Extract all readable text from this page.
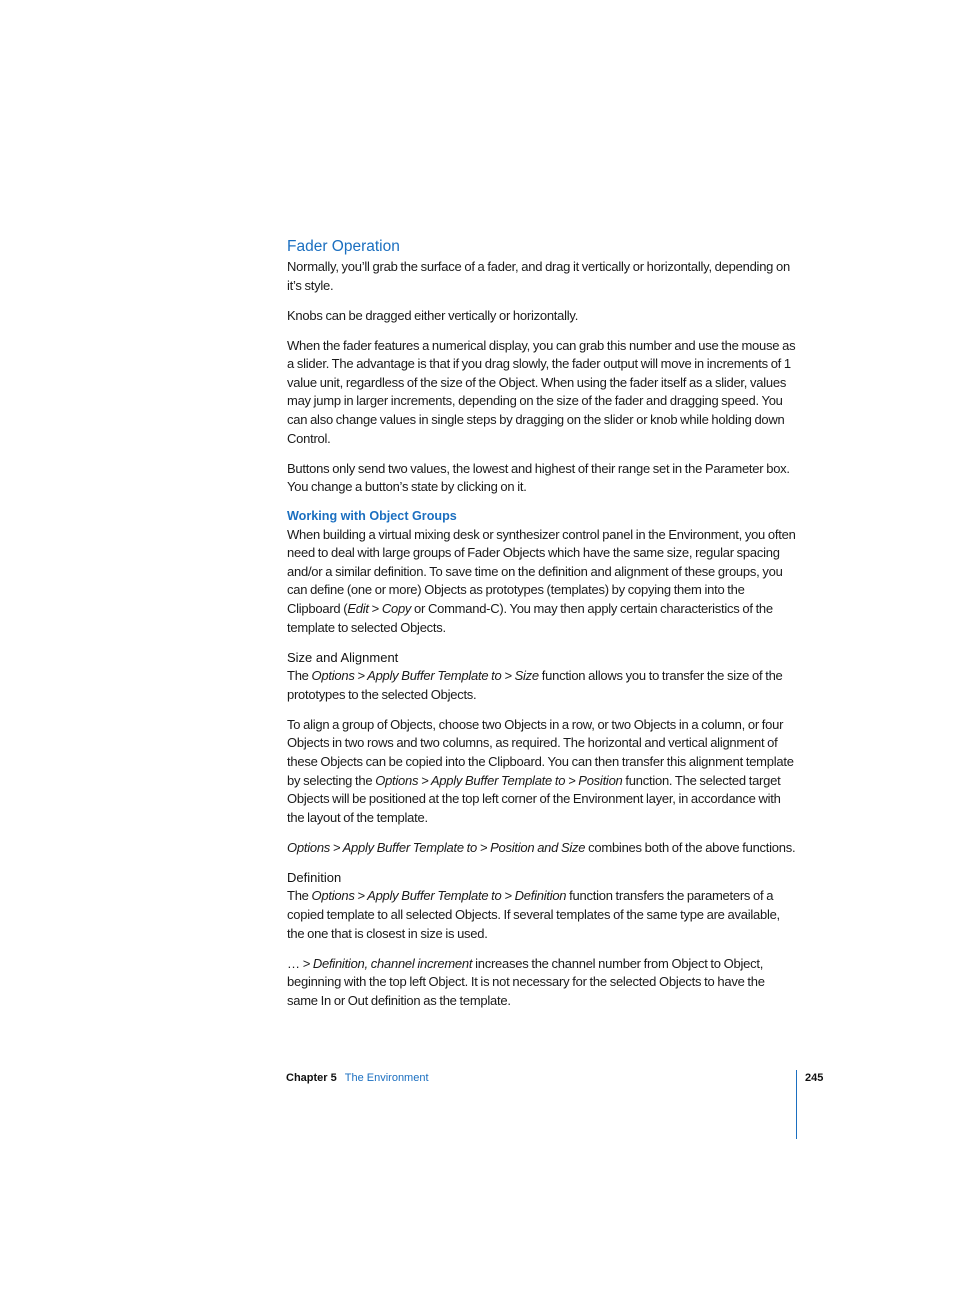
Fader Operation

Normally, you’ll grab the surface of a fader, and drag it vertically or horizontally, depending on it’s style.

Knobs can be dragged either vertically or horizontally.

When the fader features a numerical display, you can grab this number and use the mouse as a slider. The advantage is that if you drag slowly, the fader output will move in increments of 1 value unit, regardless of the size of the Object. When using the fader itself as a slider, values may jump in larger increments, depending on the size of the fader and dragging speed. You can also change values in single steps by dragging on the slider or knob while holding down Control.

Buttons only send two values, the lowest and highest of their range set in the Parameter box. You change a button’s state by clicking on it.

Working with Object Groups

When building a virtual mixing desk or synthesizer control panel in the Environment, you often need to deal with large groups of Fader Objects which have the same size, regular spacing and/or a similar definition. To save time on the definition and alignment of these groups, you can define (one or more) Objects as prototypes (templates) by copying them into the Clipboard (Edit > Copy or Command-C). You may then apply certain characteristics of the template to selected Objects.

Size and Alignment

The Options > Apply Buffer Template to > Size function allows you to transfer the size of the prototypes to the selected Objects.

To align a group of Objects, choose two Objects in a row, or two Objects in a column, or four Objects in two rows and two columns, as required. The horizontal and vertical alignment of these Objects can be copied into the Clipboard. You can then transfer this alignment template by selecting the Options > Apply Buffer Template to > Position function. The selected target Objects will be positioned at the top left corner of the Environment layer, in accordance with the layout of the template.

Options > Apply Buffer Template to > Position and Size combines both of the above functions.

Definition

The Options > Apply Buffer Template to > Definition function transfers the parameters of a copied template to all selected Objects. If several templates of the same type are available, the one that is closest in size is used.

… > Definition, channel increment increases the channel number from Object to Object, beginning with the top left Object. It is not necessary for the selected Objects to have the same In or Out definition as the template.

Chapter 5 The Environment	245
